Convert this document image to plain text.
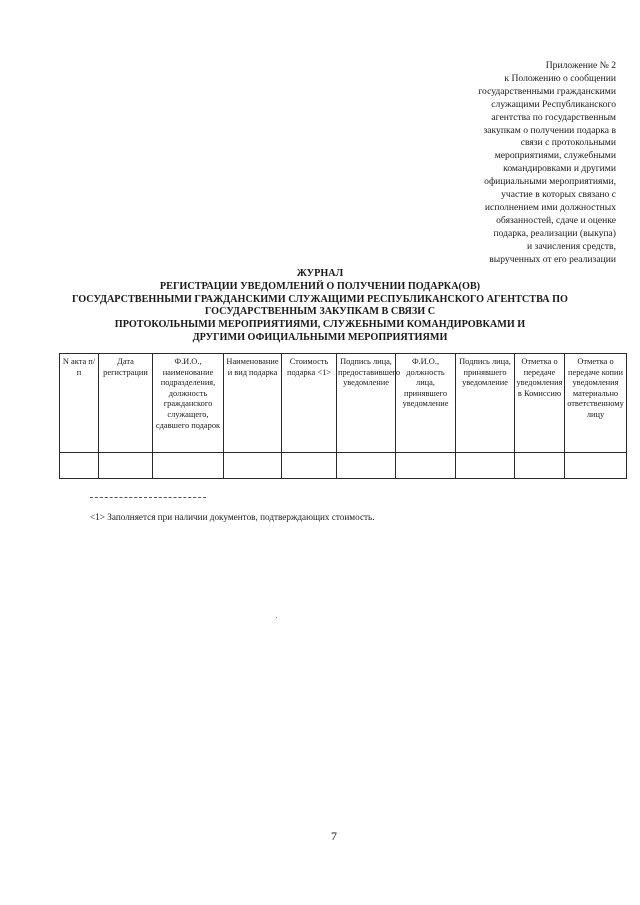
Приложение № 2
к Положению о сообщении
государственными гражданскими
служащими Республиканского
агентства по государственным
закупкам о получении подарка в
связи с протокольными
мероприятиями, служебными
командировками и другими
официальными мероприятиями,
участие в которых связано с
исполнением ими должностных
обязанностей, сдаче и оценке
подарка, реализации (выкупа)
и зачисления средств,
вырученных от его реализации
ЖУРНАЛ
РЕГИСТРАЦИИ УВЕДОМЛЕНИЙ О ПОЛУЧЕНИИ ПОДАРКА(ОВ)
ГОСУДАРСТВЕННЫМИ ГРАЖДАНСКИМИ СЛУЖАЩИМИ РЕСПУБЛИКАНСКОГО АГЕНТСТВА ПО
ГОСУДАРСТВЕННЫМ ЗАКУПКАМ В СВЯЗИ С
ПРОТОКОЛЬНЫМИ МЕРОПРИЯТИЯМИ, СЛУЖЕБНЫМИ КОМАНДИРОВКАМИ И
ДРУГИМИ ОФИЦИАЛЬНЫМИ МЕРОПРИЯТИЯМИ
N акта п/п	Дата регистрации	Ф.И.О., наименование подразделения, должность гражданского служащего, сдавшего подарок	Наименование и вид подарка	Стоимость подарка <1>	Подпись лица, предоставившего уведомление	Ф.И.О., должность лица, принявшего уведомление	Подпись лица, принявшего уведомление	Отметка о передаче уведомления в Комиссию	Отметка о передаче копии уведомления материально ответственному лицу

<1> Заполняется при наличии документов, подтверждающих стоимость.
7
